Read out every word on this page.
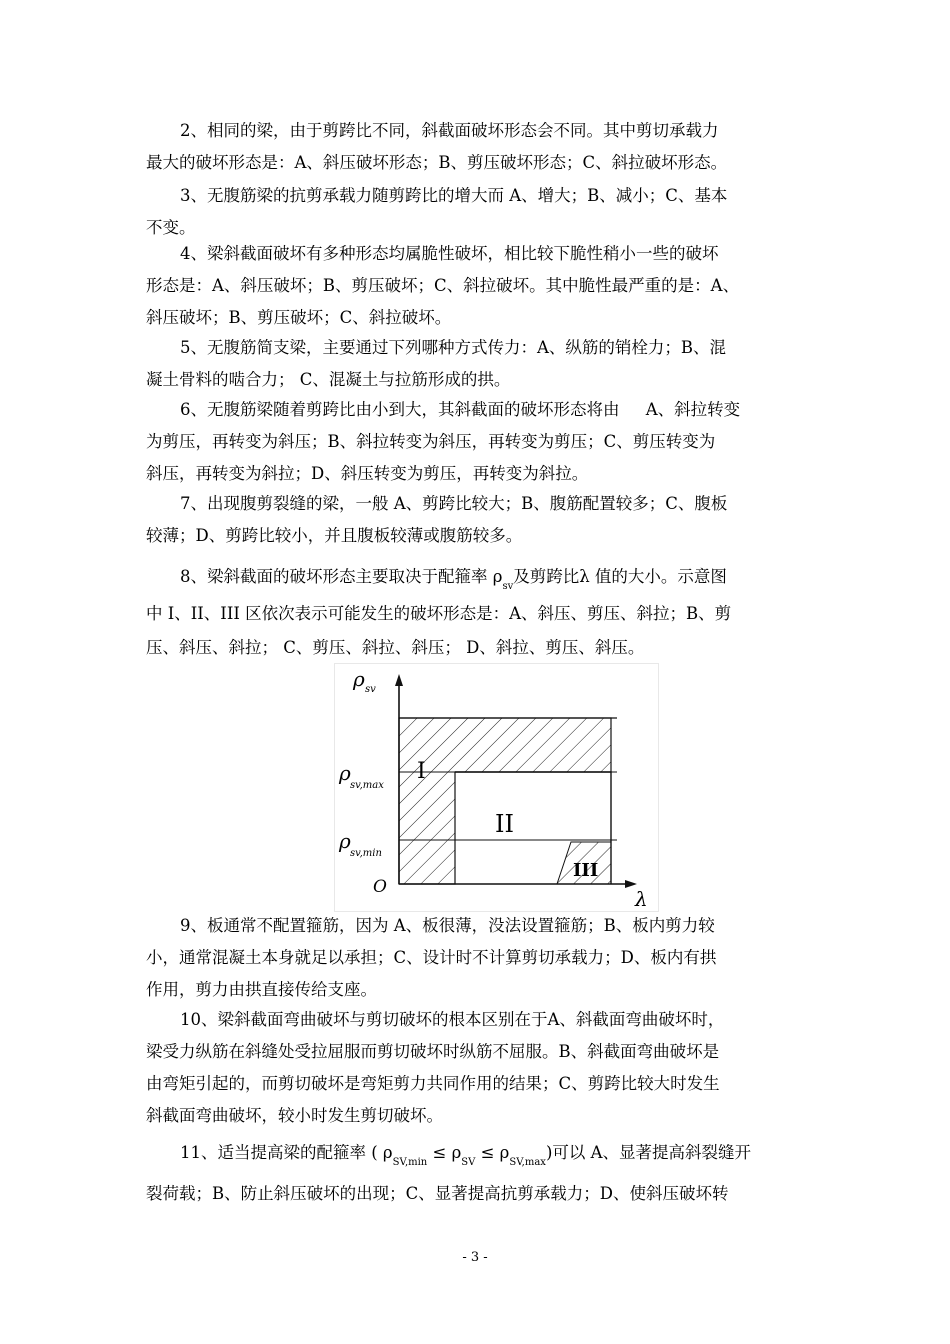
2、相同的梁，由于剪跨比不同，斜截面破坏形态会不同。其中剪切承载力
最大的破坏形态是：A、斜压破坏形态；B、剪压破坏形态；C、斜拉破坏形态。

3、无腹筋梁的抗剪承载力随剪跨比的增大而 A、增大；B、减小；C、基本
不变。

4、梁斜截面破坏有多种形态均属脆性破坏，相比较下脆性稍小一些的破坏
形态是：A、斜压破坏；B、剪压破坏；C、斜拉破坏。其中脆性最严重的是：A、
斜压破坏；B、剪压破坏；C、斜拉破坏。

5、无腹筋简支梁，主要通过下列哪种方式传力：A、纵筋的销栓力；B、混
凝土骨料的啮合力； C、混凝土与拉筋形成的拱。

6、无腹筋梁随着剪跨比由小到大，其斜截面的破坏形态将由     A、斜拉转变
为剪压，再转变为斜压；B、斜拉转变为斜压，再转变为剪压；C、剪压转变为
斜压，再转变为斜拉；D、斜压转变为剪压，再转变为斜拉。

7、出现腹剪裂缝的梁，一般 A、剪跨比较大；B、腹筋配置较多；C、腹板
较薄；D、剪跨比较小，并且腹板较薄或腹筋较多。

8、梁斜截面的破坏形态主要取决于配箍率 $\rho_{sv}$及剪跨比λ 值的大小。示意图
中 I、II、III 区依次表示可能发生的破坏形态是：A、斜压、剪压、斜拉；B、剪
压、斜压、斜拉； C、剪压、斜拉、斜压； D、斜拉、剪压、斜压。

ρ sv
ρ
sv,max
ρ
sv,min
O	λ
I
II
III

9、板通常不配置箍筋，因为 A、板很薄，没法设置箍筋；B、板内剪力较
小，通常混凝土本身就足以承担；C、设计时不计算剪切承载力；D、板内有拱
作用，剪力由拱直接传给支座。

10、梁斜截面弯曲破坏与剪切破坏的根本区别在于A、斜截面弯曲破坏时，
梁受力纵筋在斜缝处受拉屈服而剪切破坏时纵筋不屈服。B、斜截面弯曲破坏是
由弯矩引起的，而剪切破坏是弯矩剪力共同作用的结果；C、剪跨比较大时发生
斜截面弯曲破坏，较小时发生剪切破坏。

11、适当提高梁的配箍率 ( $\rho_{SV,min} \le \rho_{SV} \le \rho_{SV,max}$)可以 A、显著提高斜裂缝开
裂荷载；B、防止斜压破坏的出现；C、显著提高抗剪承载力；D、使斜压破坏转

- 3 -
